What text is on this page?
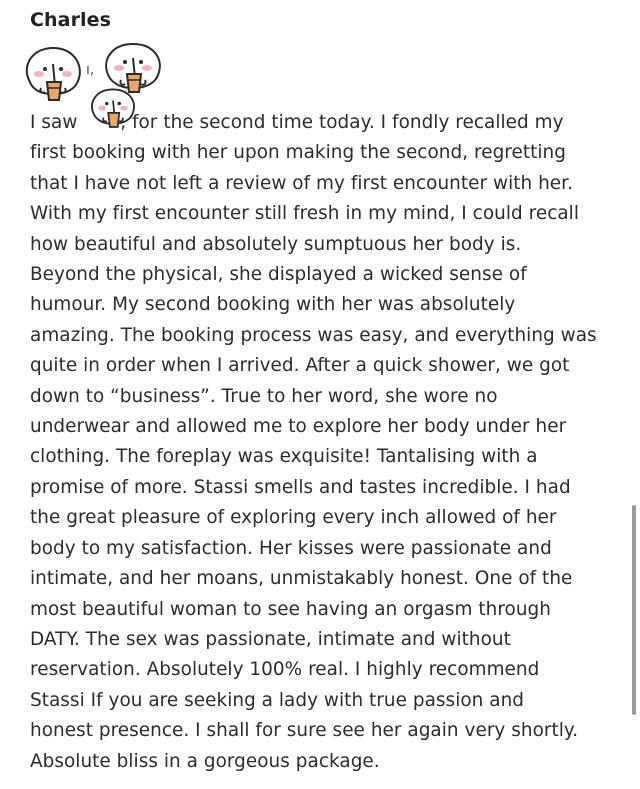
Charles
ı,

I saw   , for the second time today. I fondly recalled my
first booking with her upon making the second, regretting
that I have not left a review of my first encounter with her.
With my first encounter still fresh in my mind, I could recall
how beautiful and absolutely sumptuous her body is.
Beyond the physical, she displayed a wicked sense of
humour. My second booking with her was absolutely
amazing. The booking process was easy, and everything was
quite in order when I arrived. After a quick shower, we got
down to “business”. True to her word, she wore no
underwear and allowed me to explore her body under her
clothing. The foreplay was exquisite! Tantalising with a
promise of more. Stassi smells and tastes incredible. I had
the great pleasure of exploring every inch allowed of her
body to my satisfaction. Her kisses were passionate and
intimate, and her moans, unmistakably honest. One of the
most beautiful woman to see having an orgasm through
DATY. The sex was passionate, intimate and without
reservation. Absolutely 100% real. I highly recommend
Stassi If you are seeking a lady with true passion and
honest presence. I shall for sure see her again very shortly.
Absolute bliss in a gorgeous package.
